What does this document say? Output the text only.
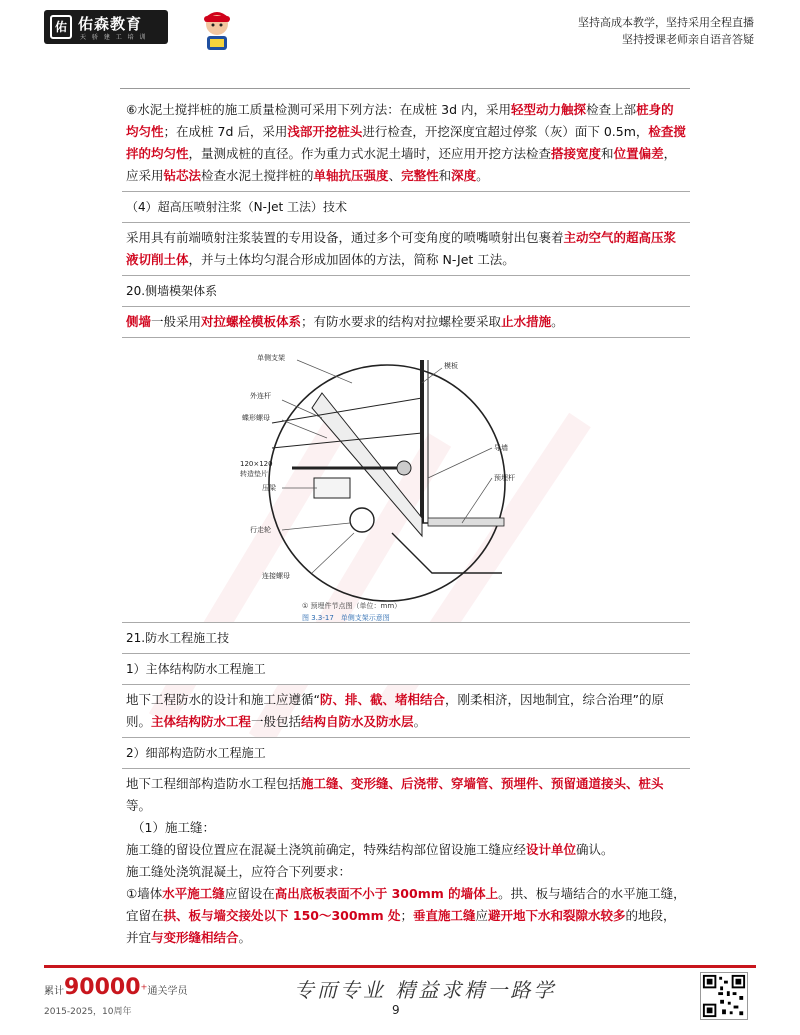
佑 佑森教育
天 骄 建 工 培 训
坚持高成本教学，坚持采用全程直播
坚持授课老师亲自语音答疑
⑥水泥土搅拌桩的施工质量检测可采用下列方法：在成桩 3d 内，采用轻型动力触探检查上部桩身的均匀性；在成桩 7d 后，采用浅部开挖桩头进行检查，开挖深度宜超过停浆（灰）面下 0.5m，检查搅拌的均匀性，量测成桩的直径。作为重力式水泥土墙时，还应用开挖方法检查搭接宽度和位置偏差，应采用钻芯法检查水泥土搅拌桩的单轴抗压强度、完整性和深度。
（4）超高压喷射注浆（N-Jet 工法）技术
采用具有前端喷射注浆装置的专用设备，通过多个可变角度的喷嘴喷射出包裹着主动空气的超高压浆液切削土体，并与土体均匀混合形成加固体的方法，简称 N-Jet 工法。
20.侧墙模架体系
侧墙一般采用对拉螺栓模板体系；有防水要求的结构对拉螺栓要采取止水措施。
单侧支架
外连杆
蝶形螺母
120×120
转造垫片
压梁
行走轮
连接螺母
模板
导墙
预埋杆
① 预埋件节点图（单位：mm）
图 3.3-17　单侧支架示意图
21.防水工程施工技
1）主体结构防水工程施工
地下工程防水的设计和施工应遵循“防、排、截、堵相结合，刚柔相济，因地制宜，综合治理”的原则。主体结构防水工程一般包括结构自防水及防水层。
2）细部构造防水工程施工
地下工程细部构造防水工程包括施工缝、变形缝、后浇带、穿墙管、预埋件、预留通道接头、桩头等。
（1）施工缝：
施工缝的留设位置应在混凝土浇筑前确定，特殊结构部位留设施工缝应经设计单位确认。
施工缝处浇筑混凝土，应符合下列要求：
①墙体水平施工缝应留设在高出底板表面不小于 300mm 的墙体上。拱、板与墙结合的水平施工缝，宜留在拱、板与墙交接处以下 150～300mm 处；垂直施工缝应避开地下水和裂隙水较多的地段，并宜与变形缝相结合。
累计90000+通关学员
2015-2025，10周年
专而专业 精益求精一路学
9
